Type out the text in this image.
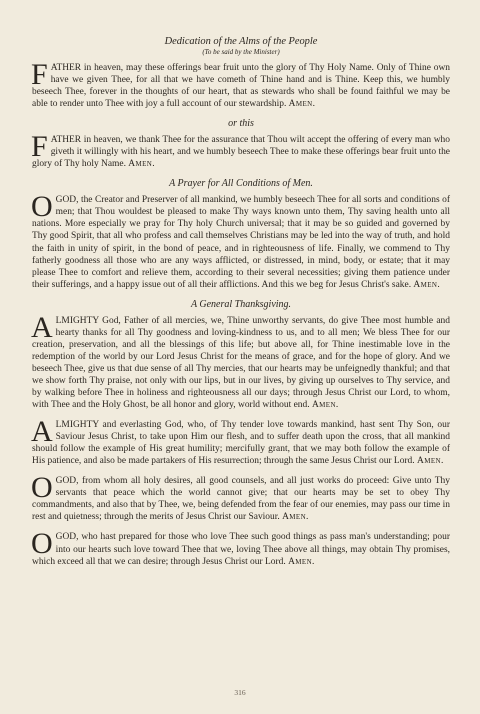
Dedication of the Alms of the People

(To be said by the Minister)

FATHER in heaven, may these offerings bear fruit unto the glory of Thy Holy Name. Only of Thine own have we given Thee, for all that we have cometh of Thine hand and is Thine. Keep this, we humbly beseech Thee, forever in the thoughts of our heart, that as stewards who shall be found faithful we may be able to render unto Thee with joy a full account of our stewardship. Amen.

or this

FATHER in heaven, we thank Thee for the assurance that Thou wilt accept the offering of every man who giveth it willingly with his heart, and we humbly beseech Thee to make these offerings bear fruit unto the glory of Thy holy Name. Amen.

A Prayer for All Conditions of Men.

OGOD, the Creator and Preserver of all mankind, we humbly beseech Thee for all sorts and conditions of men; that Thou wouldest be pleased to make Thy ways known unto them, Thy saving health unto all nations. More especially we pray for Thy holy Church universal; that it may be so guided and governed by Thy good Spirit, that all who profess and call themselves Christians may be led into the way of truth, and hold the faith in unity of spirit, in the bond of peace, and in righteousness of life. Finally, we commend to Thy fatherly goodness all those who are any ways afflicted, or distressed, in mind, body, or estate; that it may please Thee to comfort and relieve them, according to their several necessities; giving them patience under their sufferings, and a happy issue out of all their afflictions. And this we beg for Jesus Christ's sake. Amen.

A General Thanksgiving.

ALMIGHTY God, Father of all mercies, we, Thine unworthy servants, do give Thee most humble and hearty thanks for all Thy goodness and loving-kindness to us, and to all men; We bless Thee for our creation, preservation, and all the blessings of this life; but above all, for Thine inestimable love in the redemption of the world by our Lord Jesus Christ for the means of grace, and for the hope of glory. And we beseech Thee, give us that due sense of all Thy mercies, that our hearts may be unfeignedly thankful; and that we show forth Thy praise, not only with our lips, but in our lives, by giving up ourselves to Thy service, and by walking before Thee in holiness and righteousness all our days; through Jesus Christ our Lord, to whom, with Thee and the Holy Ghost, be all honor and glory, world without end. Amen.

ALMIGHTY and everlasting God, who, of Thy tender love towards mankind, hast sent Thy Son, our Saviour Jesus Christ, to take upon Him our flesh, and to suffer death upon the cross, that all mankind should follow the example of His great humility; mercifully grant, that we may both follow the example of His patience, and also be made partakers of His resurrection; through the same Jesus Christ our Lord. Amen.

OGOD, from whom all holy desires, all good counsels, and all just works do proceed: Give unto Thy servants that peace which the world cannot give; that our hearts may be set to obey Thy commandments, and also that by Thee, we, being defended from the fear of our enemies, may pass our time in rest and quietness; through the merits of Jesus Christ our Saviour. Amen.

OGOD, who hast prepared for those who love Thee such good things as pass man's understanding; pour into our hearts such love toward Thee that we, loving Thee above all things, may obtain Thy promises, which exceed all that we can desire; through Jesus Christ our Lord. Amen.

316
